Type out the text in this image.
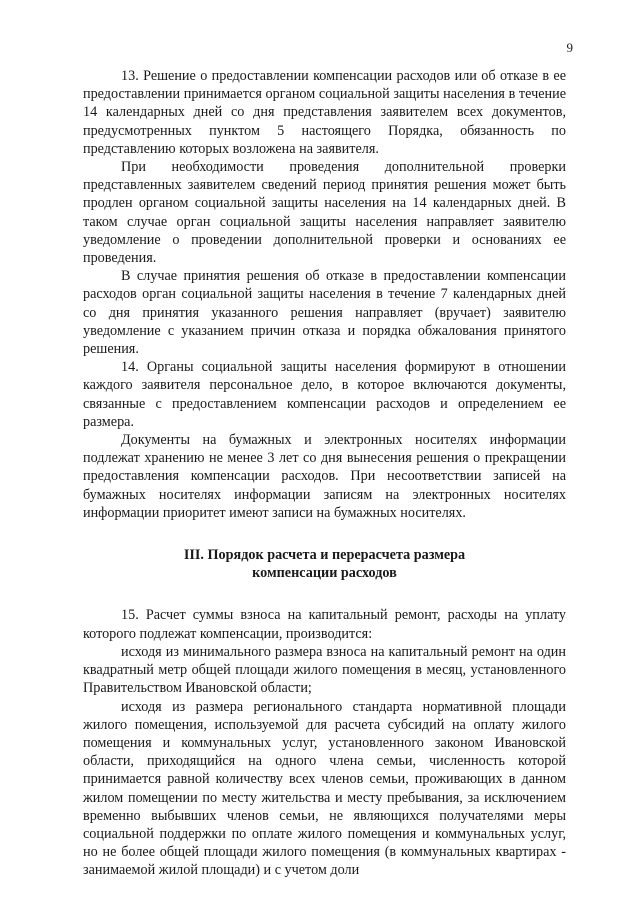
9

13. Решение о предоставлении компенсации расходов или об отказе в ее предоставлении принимается органом социальной защиты населения в течение 14 календарных дней со дня представления заявителем всех документов, предусмотренных пунктом 5 настоящего Порядка, обязанность по представлению которых возложена на заявителя.

При необходимости проведения дополнительной проверки представленных заявителем сведений период принятия решения может быть продлен органом социальной защиты населения на 14 календарных дней. В таком случае орган социальной защиты населения направляет заявителю уведомление о проведении дополнительной проверки и основаниях ее проведения.

В случае принятия решения об отказе в предоставлении компенсации расходов орган социальной защиты населения в течение 7 календарных дней со дня принятия указанного решения направляет (вручает) заявителю уведомление с указанием причин отказа и порядка обжалования принятого решения.

14. Органы социальной защиты населения формируют в отношении каждого заявителя персональное дело, в которое включаются документы, связанные с предоставлением компенсации расходов и определением ее размера.

Документы на бумажных и электронных носителях информации подлежат хранению не менее 3 лет со дня вынесения решения о прекращении предоставления компенсации расходов. При несоответствии записей на бумажных носителях информации записям на электронных носителях информации приоритет имеют записи на бумажных носителях.

III. Порядок расчета и перерасчета размера
компенсации расходов

15. Расчет суммы взноса на капитальный ремонт, расходы на уплату которого подлежат компенсации, производится:

исходя из минимального размера взноса на капитальный ремонт на один квадратный метр общей площади жилого помещения в месяц, установленного Правительством Ивановской области;

исходя из размера регионального стандарта нормативной площади жилого помещения, используемой для расчета субсидий на оплату жилого помещения и коммунальных услуг, установленного законом Ивановской области, приходящийся на одного члена семьи, численность которой принимается равной количеству всех членов семьи, проживающих в данном жилом помещении по месту жительства и месту пребывания, за исключением временно выбывших членов семьи, не являющихся получателями меры социальной поддержки по оплате жилого помещения и коммунальных услуг, но не более общей площади жилого помещения (в коммунальных квартирах - занимаемой жилой площади) и с учетом доли
